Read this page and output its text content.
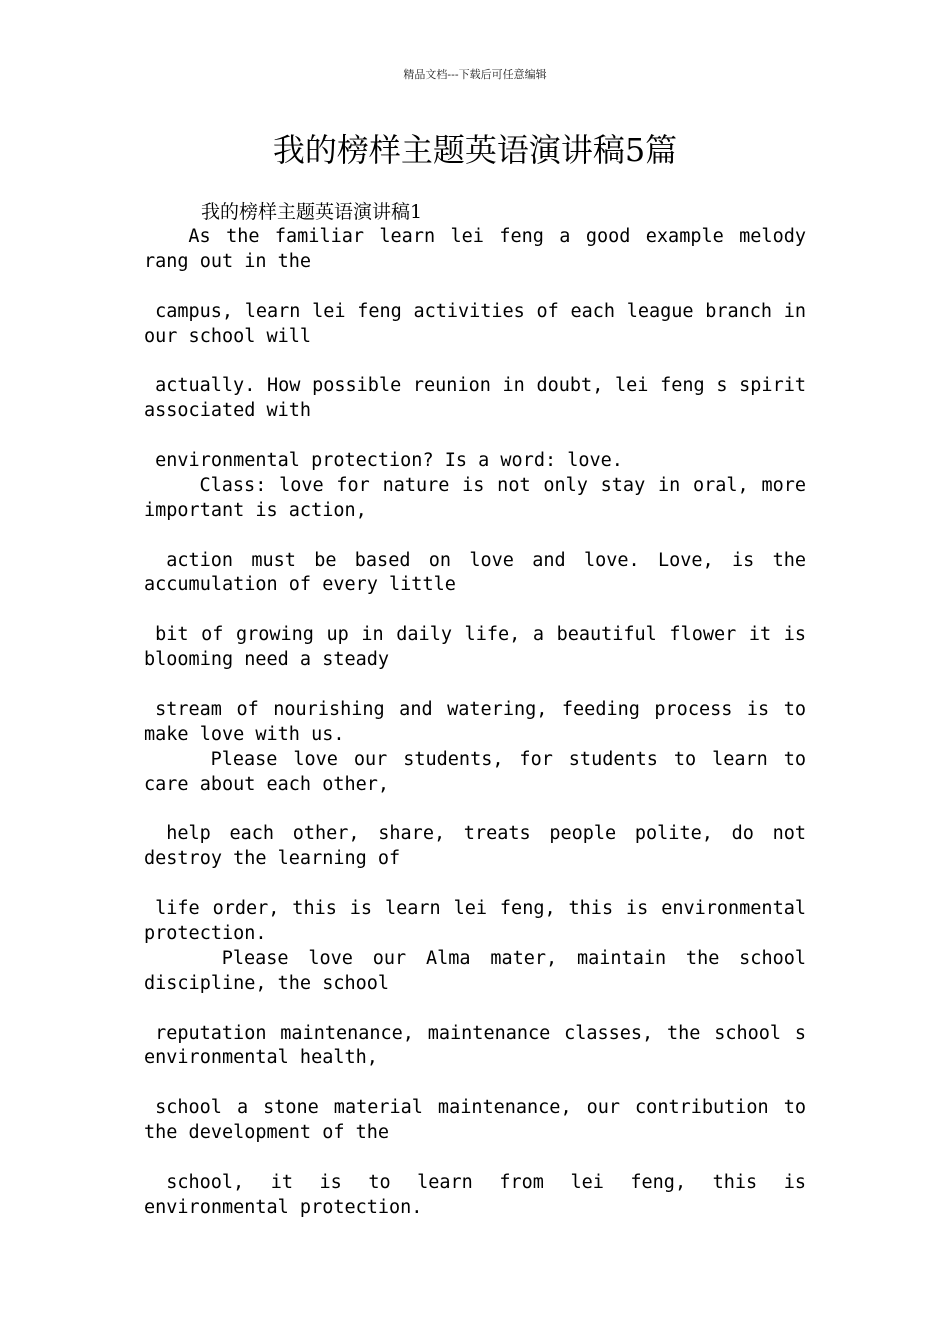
精品文档---下载后可任意编辑
我的榜样主题英语演讲稿5篇
我的榜样主题英语演讲稿1
As the familiar learn lei feng a good example melody
rang out in the

campus, learn lei feng activities of each league branch in
our school will

actually. How possible reunion in doubt, lei feng s spirit
associated with

environmental protection? Is a word: love.
Class: love for nature is not only stay in oral, more
important is action,

action must be based on love and love. Love, is the
accumulation of every little

bit of growing up in daily life, a beautiful flower it is
blooming need a steady

stream of nourishing and watering, feeding process is to
make love with us.
Please love our students, for students to learn to
care about each other,

help each other, share, treats people polite, do not
destroy the learning of

life order, this is learn lei feng, this is environmental
protection.
Please love our Alma mater, maintain the school
discipline, the school

reputation maintenance, maintenance classes, the school s
environmental health,

school a stone material maintenance, our contribution to
the development of the

school, it is to learn from lei feng, this is
environmental protection.
